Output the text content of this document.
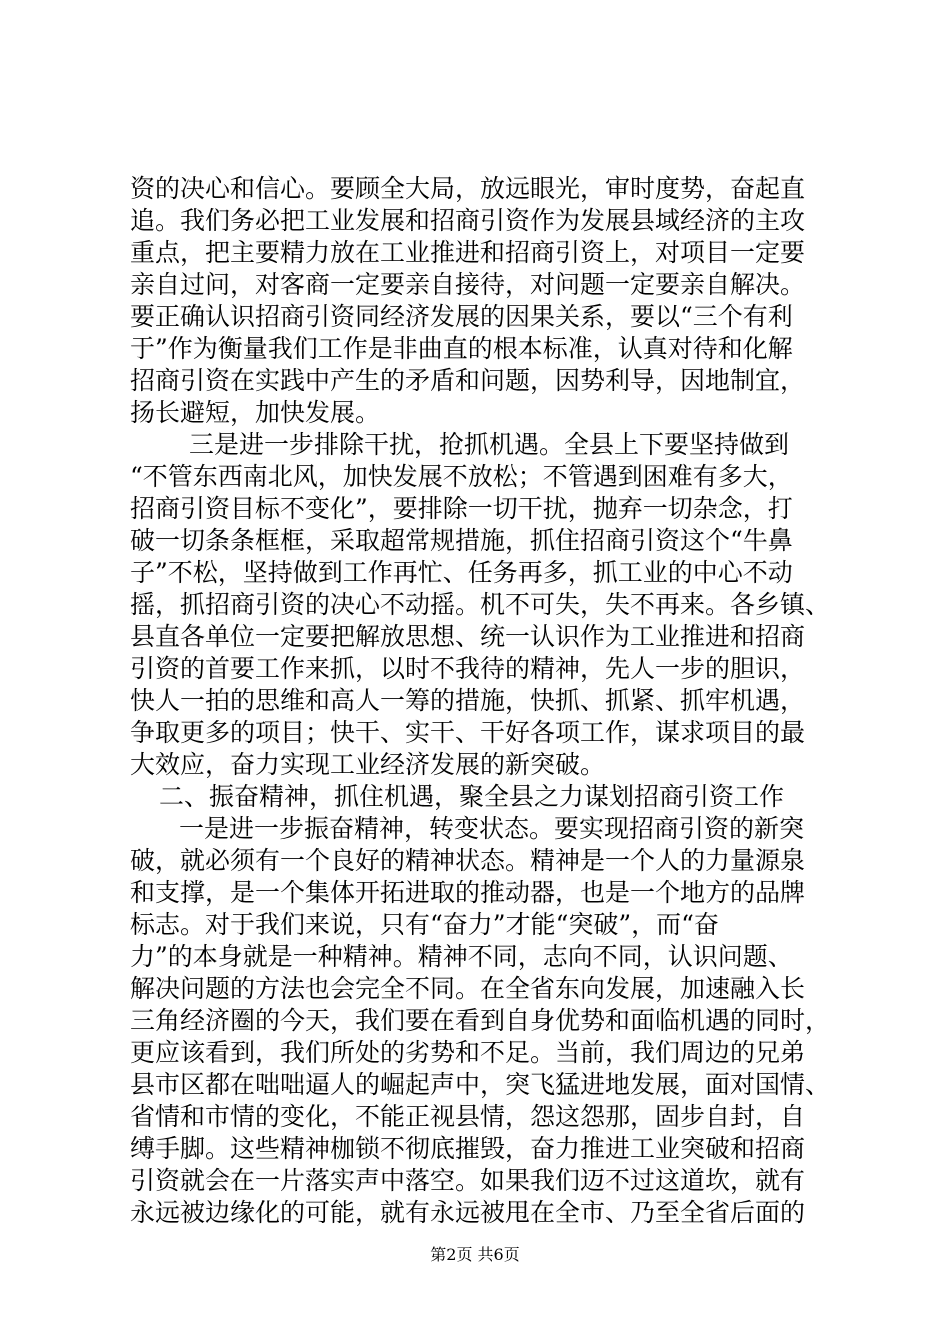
资的决心和信心。要顾全大局，放远眼光，审时度势，奋起直
追。我们务必把工业发展和招商引资作为发展县域经济的主攻
重点，把主要精力放在工业推进和招商引资上，对项目一定要
亲自过问，对客商一定要亲自接待，对问题一定要亲自解决。
要正确认识招商引资同经济发展的因果关系，要以“三个有利
于”作为衡量我们工作是非曲直的根本标准，认真对待和化解
招商引资在实践中产生的矛盾和问题，因势利导，因地制宜，
扬长避短，加快发展。
三是进一步排除干扰，抢抓机遇。全县上下要坚持做到
“不管东西南北风，加快发展不放松；不管遇到困难有多大，
招商引资目标不变化”，要排除一切干扰，抛弃一切杂念，打
破一切条条框框，采取超常规措施，抓住招商引资这个“牛鼻
子”不松，坚持做到工作再忙、任务再多，抓工业的中心不动
摇，抓招商引资的决心不动摇。机不可失，失不再来。各乡镇、
县直各单位一定要把解放思想、统一认识作为工业推进和招商
引资的首要工作来抓，以时不我待的精神，先人一步的胆识，
快人一拍的思维和高人一筹的措施，快抓、抓紧、抓牢机遇，
争取更多的项目；快干、实干、干好各项工作，谋求项目的最
大效应，奋力实现工业经济发展的新突破。
二、振奋精神，抓住机遇，聚全县之力谋划招商引资工作
一是进一步振奋精神，转变状态。要实现招商引资的新突
破，就必须有一个良好的精神状态。精神是一个人的力量源泉
和支撑，是一个集体开拓进取的推动器，也是一个地方的品牌
标志。对于我们来说，只有“奋力”才能“突破”，而“奋
力”的本身就是一种精神。精神不同，志向不同，认识问题、
解决问题的方法也会完全不同。在全省东向发展，加速融入长
三角经济圈的今天，我们要在看到自身优势和面临机遇的同时，
更应该看到，我们所处的劣势和不足。当前，我们周边的兄弟
县市区都在咄咄逼人的崛起声中，突飞猛进地发展，面对国情、
省情和市情的变化，不能正视县情，怨这怨那，固步自封，自
缚手脚。这些精神枷锁不彻底摧毁，奋力推进工业突破和招商
引资就会在一片落实声中落空。如果我们迈不过这道坎，就有
永远被边缘化的可能，就有永远被甩在全市、乃至全省后面的
第2页 共6页
